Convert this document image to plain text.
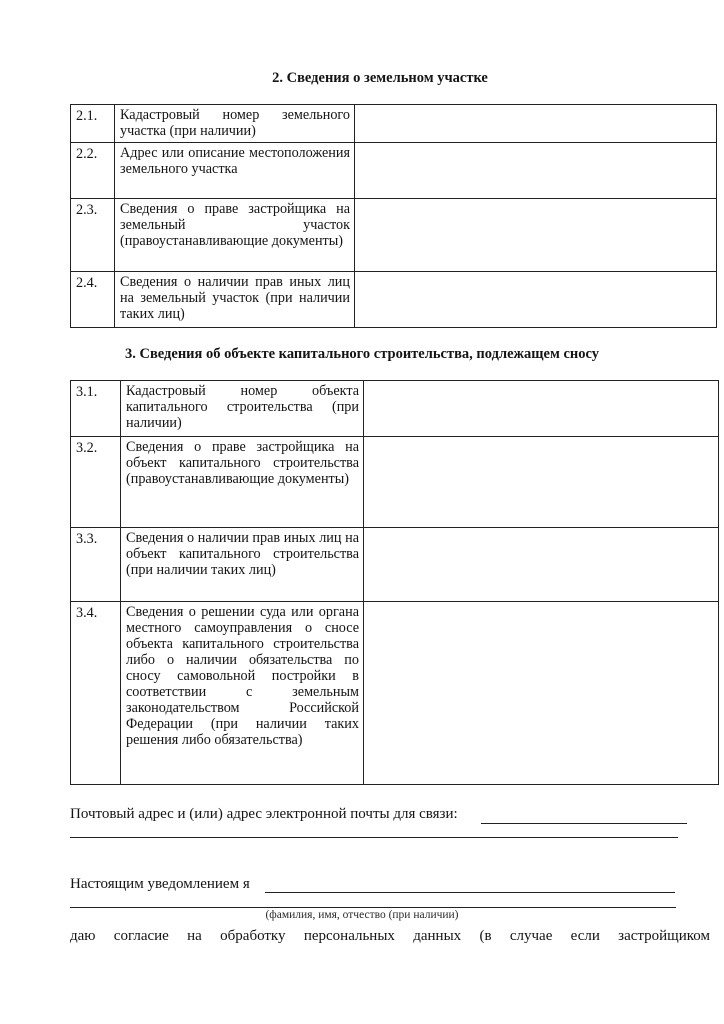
2. Сведения о земельном участке
2.1.	Кадастровый номер земельного участка (при наличии)	
2.2.	Адрес или описание местоположения земельного участка	
2.3.	Сведения о праве застройщика на земельный участок (правоустанавливающие документы)	
2.4.	Сведения о наличии прав иных лиц на земельный участок (при наличии таких лиц)	
3. Сведения об объекте капитального строительства, подлежащем сносу
3.1.	Кадастровый номер объекта капитального строительства (при наличии)	
3.2.	Сведения о праве застройщика на объект капитального строительства (правоустанавливающие документы)	
3.3.	Сведения о наличии прав иных лиц на объект капитального строительства (при наличии таких лиц)	
3.4.	Сведения о решении суда или органа местного самоуправления о сносе объекта капитального строительства либо о наличии обязательства по сносу самовольной постройки в соответствии с земельным законодательством Российской Федерации (при наличии таких решения либо обязательства)	
Почтовый адрес и (или) адрес электронной почты для связи:
Настоящим уведомлением я
(фамилия, имя, отчество (при наличии)
даю согласие на обработку персональных данных (в случае если застройщиком
